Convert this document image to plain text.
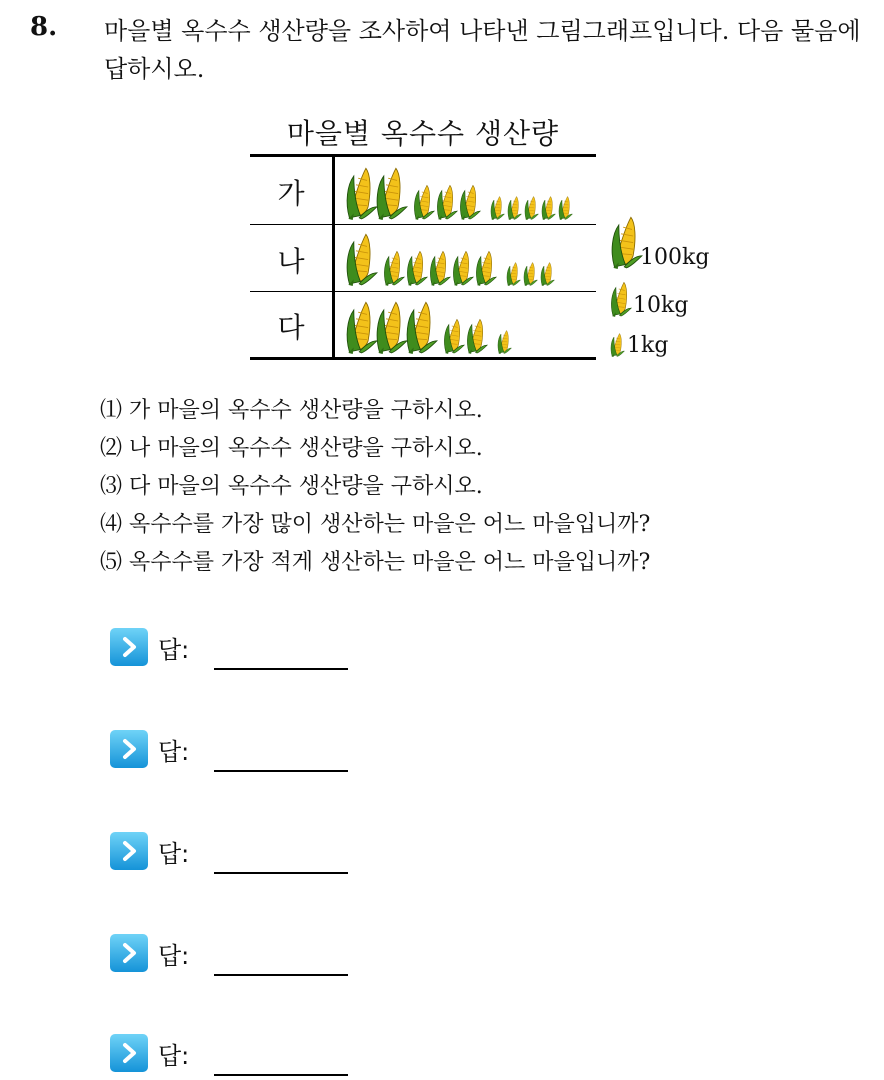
8. 마을별 옥수수 생산량을 조사하여 나타낸 그림그래프입니다. 다음 물음에 답하시오.
마을별 옥수수 생산량
가
나
다
100kg
10kg
1kg
⑴ 가 마을의 옥수수 생산량을 구하시오.
⑵ 나 마을의 옥수수 생산량을 구하시오.
⑶ 다 마을의 옥수수 생산량을 구하시오.
⑷ 옥수수를 가장 많이 생산하는 마을은 어느 마을입니까?
⑸ 옥수수를 가장 적게 생산하는 마을은 어느 마을입니까?
답:
답:
답:
답:
답:
